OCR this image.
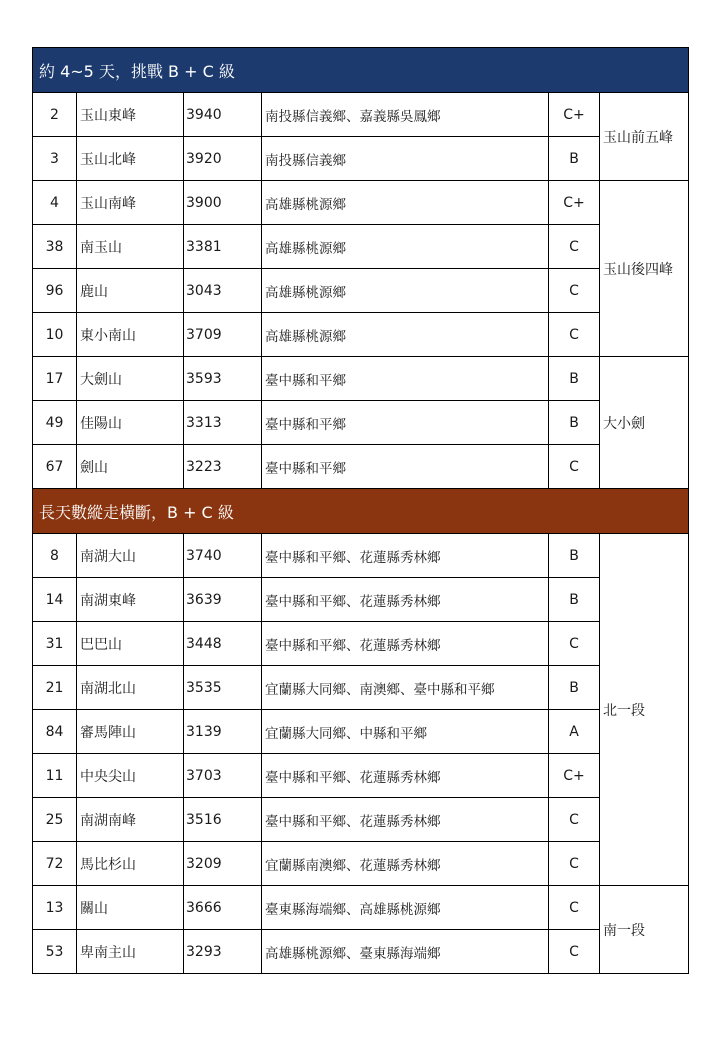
約 4~5 天，挑戰 B + C 級					
2	玉山東峰	3940	南投縣信義鄉、嘉義縣吳鳳鄉	C+	玉山前五峰
3	玉山北峰	3920	南投縣信義鄉	B	
4	玉山南峰	3900	高雄縣桃源鄉	C+	玉山後四峰
38	南玉山	3381	高雄縣桃源鄉	C	
96	鹿山	3043	高雄縣桃源鄉	C	
10	東小南山	3709	高雄縣桃源鄉	C	
17	大劍山	3593	臺中縣和平鄉	B	大小劍
49	佳陽山	3313	臺中縣和平鄉	B	
67	劍山	3223	臺中縣和平鄉	C	
長天數縱走橫斷，B + C 級					
8	南湖大山	3740	臺中縣和平鄉、花蓮縣秀林鄉	B	北一段
14	南湖東峰	3639	臺中縣和平鄉、花蓮縣秀林鄉	B	
31	巴巴山	3448	臺中縣和平鄉、花蓮縣秀林鄉	C	
21	南湖北山	3535	宜蘭縣大同鄉、南澳鄉、臺中縣和平鄉	B	
84	審馬陣山	3139	宜蘭縣大同鄉、中縣和平鄉	A	
11	中央尖山	3703	臺中縣和平鄉、花蓮縣秀林鄉	C+	
25	南湖南峰	3516	臺中縣和平鄉、花蓮縣秀林鄉	C	
72	馬比杉山	3209	宜蘭縣南澳鄉、花蓮縣秀林鄉	C	
13	關山	3666	臺東縣海端鄉、高雄縣桃源鄉	C	南一段
53	卑南主山	3293	高雄縣桃源鄉、臺東縣海端鄉	C	
